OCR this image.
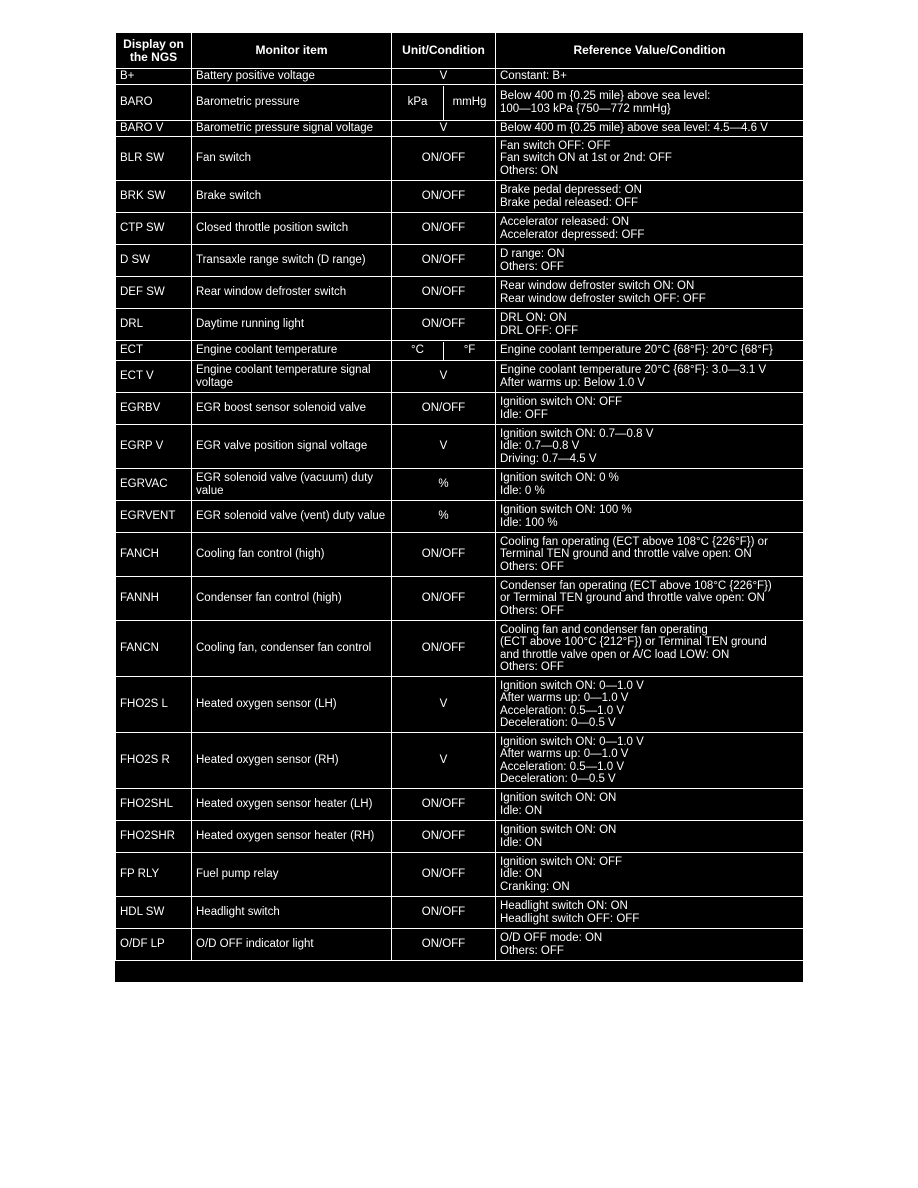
Display on the NGS	Monitor item	Unit/Condition	Reference Value/Condition
B+	Battery positive voltage	V	Constant: B+
BARO	Barometric pressure	kPa mmHg	Below 400 m {0.25 mile} above sea level:
100—103 kPa {750—772 mmHg}
BARO V	Barometric pressure signal voltage	V	Below 400 m {0.25 mile} above sea level: 4.5—4.6 V
BLR SW	Fan switch	ON/OFF	Fan switch OFF: OFF
Fan switch ON at 1st or 2nd: OFF
Others: ON
BRK SW	Brake switch	ON/OFF	Brake pedal depressed: ON
Brake pedal released: OFF
CTP SW	Closed throttle position switch	ON/OFF	Accelerator released: ON
Accelerator depressed: OFF
D SW	Transaxle range switch (D range)	ON/OFF	D range: ON
Others: OFF
DEF SW	Rear window defroster switch	ON/OFF	Rear window defroster switch ON: ON
Rear window defroster switch OFF: OFF
DRL	Daytime running light	ON/OFF	DRL ON: ON
DRL OFF: OFF
ECT	Engine coolant temperature	°C °F	Engine coolant temperature 20°C {68°F}: 20°C {68°F}
ECT V	Engine coolant temperature signal voltage	V	Engine coolant temperature 20°C {68°F}: 3.0—3.1 V
After warms up: Below 1.0 V
EGRBV	EGR boost sensor solenoid valve	ON/OFF	Ignition switch ON: OFF
Idle: OFF
EGRP V	EGR valve position signal voltage	V	Ignition switch ON: 0.7—0.8 V
Idle: 0.7—0.8 V
Driving: 0.7—4.5 V
EGRVAC	EGR solenoid valve (vacuum) duty value	%	Ignition switch ON: 0 %
Idle: 0 %
EGRVENT	EGR solenoid valve (vent) duty value	%	Ignition switch ON: 100 %
Idle: 100 %
FANCH	Cooling fan control (high)	ON/OFF	Cooling fan operating (ECT above 108°C {226°F}) or
Terminal TEN ground and throttle valve open: ON
Others: OFF
FANNH	Condenser fan control (high)	ON/OFF	Condenser fan operating (ECT above 108°C {226°F})
or Terminal TEN ground and throttle valve open: ON
Others: OFF
FANCN	Cooling fan, condenser fan control	ON/OFF	Cooling fan and condenser fan operating
(ECT above 100°C {212°F}) or Terminal TEN ground
and throttle valve open or A/C load LOW: ON
Others: OFF
FHO2S L	Heated oxygen sensor (LH)	V	Ignition switch ON: 0—1.0 V
After warms up: 0—1.0 V
Acceleration: 0.5—1.0 V
Deceleration: 0—0.5 V
FHO2S R	Heated oxygen sensor (RH)	V	Ignition switch ON: 0—1.0 V
After warms up: 0—1.0 V
Acceleration: 0.5—1.0 V
Deceleration: 0—0.5 V
FHO2SHL	Heated oxygen sensor heater (LH)	ON/OFF	Ignition switch ON: ON
Idle: ON
FHO2SHR	Heated oxygen sensor heater (RH)	ON/OFF	Ignition switch ON: ON
Idle: ON
FP RLY	Fuel pump relay	ON/OFF	Ignition switch ON: OFF
Idle: ON
Cranking: ON
HDL SW	Headlight switch	ON/OFF	Headlight switch ON: ON
Headlight switch OFF: OFF
O/DF LP	O/D OFF indicator light	ON/OFF	O/D OFF mode: ON
Others: OFF
